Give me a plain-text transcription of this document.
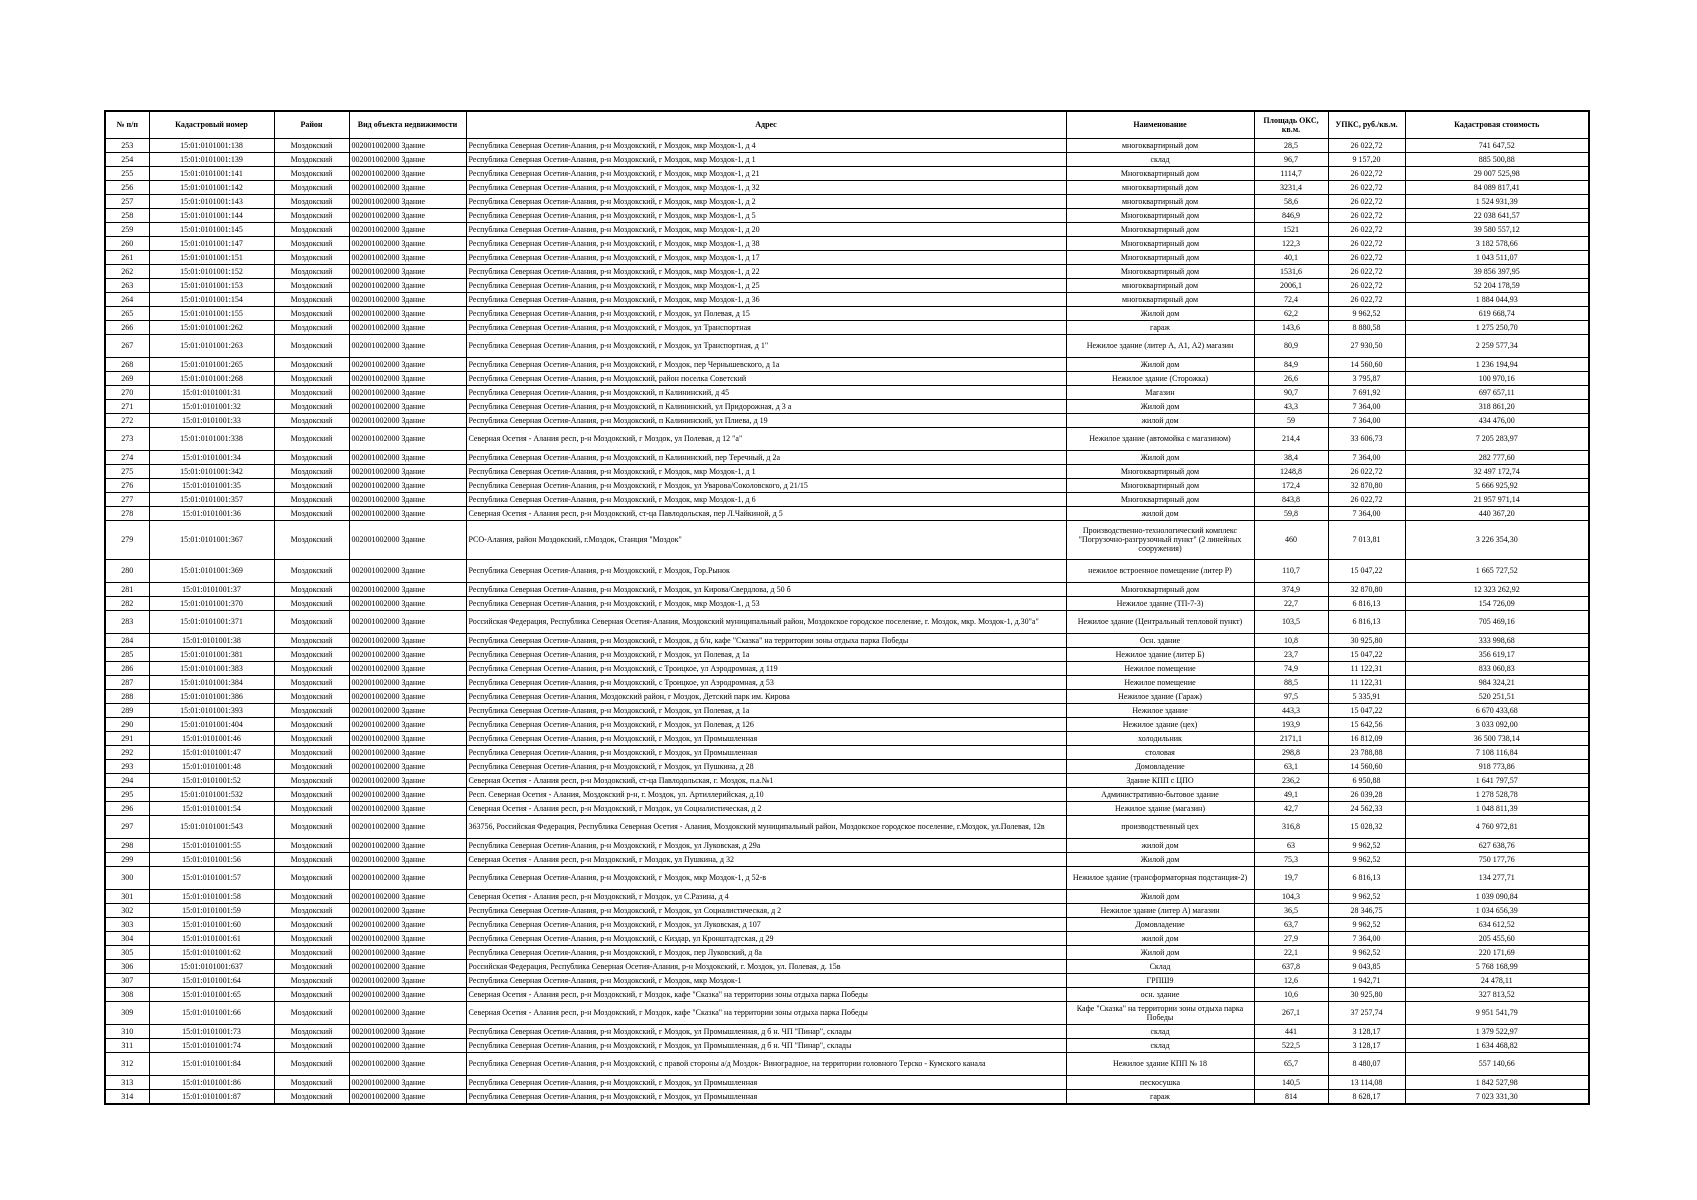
№ п/п	Кадастровый номер	Район	Вид объекта недвижимости	Адрес	Наименование	Площадь ОКС, кв.м.	УПКС, руб./кв.м.	Кадастровая стоимость
253	15:01:0101001:138	Моздокский	002001002000 Здание	Республика Северная Осетия-Алания, р-н Моздокский, г Моздок, мкр Моздок-1, д 4	многоквартирный дом	28,5	26 022,72	741 647,52
254	15:01:0101001:139	Моздокский	002001002000 Здание	Республика Северная Осетия-Алания, р-н Моздокский, г Моздок, мкр Моздок-1, д 1	склад	96,7	9 157,20	885 500,88
255	15:01:0101001:141	Моздокский	002001002000 Здание	Республика Северная Осетия-Алания, р-н Моздокский, г Моздок, мкр Моздок-1, д 21	Многоквартирный дом	1114,7	26 022,72	29 007 525,98
256	15:01:0101001:142	Моздокский	002001002000 Здание	Республика Северная Осетия-Алания, р-н Моздокский, г Моздок, мкр Моздок-1, д 32	многоквартирный дом	3231,4	26 022,72	84 089 817,41
257	15:01:0101001:143	Моздокский	002001002000 Здание	Республика Северная Осетия-Алания, р-н Моздокский, г Моздок, мкр Моздок-1, д 2	многоквартирный дом	58,6	26 022,72	1 524 931,39
258	15:01:0101001:144	Моздокский	002001002000 Здание	Республика Северная Осетия-Алания, р-н Моздокский, г Моздок, мкр Моздок-1, д 5	Многоквартирный дом	846,9	26 022,72	22 038 641,57
259	15:01:0101001:145	Моздокский	002001002000 Здание	Республика Северная Осетия-Алания, р-н Моздокский, г Моздок, мкр Моздок-1, д 20	Многоквартирный дом	1521	26 022,72	39 580 557,12
260	15:01:0101001:147	Моздокский	002001002000 Здание	Республика Северная Осетия-Алания, р-н Моздокский, г Моздок, мкр Моздок-1, д 38	Многоквартирный дом	122,3	26 022,72	3 182 578,66
261	15:01:0101001:151	Моздокский	002001002000 Здание	Республика Северная Осетия-Алания, р-н Моздокский, г Моздок, мкр Моздок-1, д 17	Многоквартирный дом	40,1	26 022,72	1 043 511,07
262	15:01:0101001:152	Моздокский	002001002000 Здание	Республика Северная Осетия-Алания, р-н Моздокский, г Моздок, мкр Моздок-1, д 22	Многоквартирный дом	1531,6	26 022,72	39 856 397,95
263	15:01:0101001:153	Моздокский	002001002000 Здание	Республика Северная Осетия-Алания, р-н Моздокский, г Моздок, мкр Моздок-1, д 25	многоквартирный дом	2006,1	26 022,72	52 204 178,59
264	15:01:0101001:154	Моздокский	002001002000 Здание	Республика Северная Осетия-Алания, р-н Моздокский, г Моздок, мкр Моздок-1, д 36	многоквартирный дом	72,4	26 022,72	1 884 044,93
265	15:01:0101001:155	Моздокский	002001002000 Здание	Республика Северная Осетия-Алания, р-н Моздокский, г Моздок, ул Полевая, д 15	Жилой дом	62,2	9 962,52	619 668,74
266	15:01:0101001:262	Моздокский	002001002000 Здание	Республика Северная Осетия-Алания, р-н Моздокский, г Моздок, ул Транспортная	гараж	143,6	8 880,58	1 275 250,70
267	15:01:0101001:263	Моздокский	002001002000 Здание	Республика Северная Осетия-Алания, р-н Моздокский, г Моздок, ул Транспортная, д 1"	Нежилое здание (литер А, А1, А2) магазин	80,9	27 930,50	2 259 577,34
268	15:01:0101001:265	Моздокский	002001002000 Здание	Республика Северная Осетия-Алания, р-н Моздокский, г Моздок, пер Чернышевского, д 1а	Жилой дом	84,9	14 560,60	1 236 194,94
269	15:01:0101001:268	Моздокский	002001002000 Здание	Республика Северная Осетия-Алания, р-н Моздокский, район поселка Советский	Нежилое здание (Сторожка)	26,6	3 795,87	100 970,16
270	15:01:0101001:31	Моздокский	002001002000 Здание	Республика Северная Осетия-Алания, р-н Моздокский, п Калининский, д 45	Магазин	90,7	7 691,92	697 657,11
271	15:01:0101001:32	Моздокский	002001002000 Здание	Республика Северная Осетия-Алания, р-н Моздокский, п Калининский, ул Придорожная, д 3 а	Жилой дом	43,3	7 364,00	318 861,20
272	15:01:0101001:33	Моздокский	002001002000 Здание	Республика Северная Осетия-Алания, р-н Моздокский, п Калининский, ул Плиева, д 19	жилой дом	59	7 364,00	434 476,00
273	15:01:0101001:338	Моздокский	002001002000 Здание	Северная Осетия - Алания респ, р-н Моздокский, г Моздок, ул Полевая, д 12 "а"	Нежилое здание (автомойка с магазином)	214,4	33 606,73	7 205 283,97
274	15:01:0101001:34	Моздокский	002001002000 Здание	Республика Северная Осетия-Алания, р-н Моздокский, п Калининский, пер Теречный, д 2а	Жилой дом	38,4	7 364,00	282 777,60
275	15:01:0101001:342	Моздокский	002001002000 Здание	Республика Северная Осетия-Алания, р-н Моздокский, г Моздок, мкр Моздок-1, д 1	Многоквартирный дом	1248,8	26 022,72	32 497 172,74
276	15:01:0101001:35	Моздокский	002001002000 Здание	Республика Северная Осетия-Алания, р-н Моздокский, г Моздок, ул Уварова/Соколовского, д 21/15	Многоквартирный дом	172,4	32 870,80	5 666 925,92
277	15:01:0101001:357	Моздокский	002001002000 Здание	Республика Северная Осетия-Алания, р-н Моздокский, г Моздок, мкр Моздок-1, д 6	Многоквартирный дом	843,8	26 022,72	21 957 971,14
278	15:01:0101001:36	Моздокский	002001002000 Здание	Северная Осетия - Алания респ, р-н Моздокский, ст-ца Павлодольская, пер Л.Чайкиной, д 5	жилой дом	59,8	7 364,00	440 367,20
279	15:01:0101001:367	Моздокский	002001002000 Здание	РСО-Алания, район Моздокский, г.Моздок, Станция "Моздок"	Производственно-технологический комплекс "Погрузочно-разгрузочный пункт" (2 линейных сооружения)	460	7 013,81	3 226 354,30
280	15:01:0101001:369	Моздокский	002001002000 Здание	Республика Северная Осетия-Алания, р-н Моздокский, г Моздок, Гор.Рынок	нежилое встроенное помещение (литер Р)	110,7	15 047,22	1 665 727,52
281	15:01:0101001:37	Моздокский	002001002000 Здание	Республика Северная Осетия-Алания, р-н Моздокский, г Моздок, ул Кирова/Свердлова, д 50 б	Многоквартирный дом	374,9	32 870,80	12 323 262,92
282	15:01:0101001:370	Моздокский	002001002000 Здание	Республика Северная Осетия-Алания, р-н Моздокский, г Моздок, мкр Моздок-1, д 53	Нежилое здание (ТП-7-3)	22,7	6 816,13	154 726,09
283	15:01:0101001:371	Моздокский	002001002000 Здание	Российская Федерация, Республика Северная Осетия-Алания, Моздокский муниципальный район, Моздокское городское поселение, г. Моздок, мкр. Моздок-1, д.30"а"	Нежилое здание (Центральный тепловой пункт)	103,5	6 816,13	705 469,16
284	15:01:0101001:38	Моздокский	002001002000 Здание	Республика Северная Осетия-Алания, р-н Моздокский, г Моздок, д б/н, кафе "Сказка" на территории зоны отдыха парка Победы	Осн. здание	10,8	30 925,80	333 998,68
285	15:01:0101001:381	Моздокский	002001002000 Здание	Республика Северная Осетия-Алания, р-н Моздокский, г Моздок, ул Полевая, д 1а	Нежилое здание (литер Б)	23,7	15 047,22	356 619,17
286	15:01:0101001:383	Моздокский	002001002000 Здание	Республика Северная Осетия-Алания, р-н Моздокский, с Троицкое, ул Аэродромная, д 119	Нежилое помещение	74,9	11 122,31	833 060,83
287	15:01:0101001:384	Моздокский	002001002000 Здание	Республика Северная Осетия-Алания, р-н Моздокский, с Троицкое, ул Аэродромная, д 53	Нежилое помещение	88,5	11 122,31	984 324,21
288	15:01:0101001:386	Моздокский	002001002000 Здание	Республика Северная Осетия-Алания, Моздокский район, г Моздок, Детский парк им. Кирова	Нежилое здание (Гараж)	97,5	5 335,91	520 251,51
289	15:01:0101001:393	Моздокский	002001002000 Здание	Республика Северная Осетия-Алания, р-н Моздокский, г Моздок, ул Полевая, д 1а	Нежилое здание	443,3	15 047,22	6 670 433,68
290	15:01:0101001:404	Моздокский	002001002000 Здание	Республика Северная Осетия-Алания, р-н Моздокский, г Моздок, ул Полевая, д 126	Нежилое здание (цех)	193,9	15 642,56	3 033 092,00
291	15:01:0101001:46	Моздокский	002001002000 Здание	Республика Северная Осетия-Алания, р-н Моздокский, г Моздок, ул Промышленная	холодильник	2171,1	16 812,09	36 500 738,14
292	15:01:0101001:47	Моздокский	002001002000 Здание	Республика Северная Осетия-Алания, р-н Моздокский, г Моздок, ул Промышленная	столовая	298,8	23 788,88	7 108 116,84
293	15:01:0101001:48	Моздокский	002001002000 Здание	Республика Северная Осетия-Алания, р-н Моздокский, г Моздок, ул Пушкина, д 28	Домовладение	63,1	14 560,60	918 773,86
294	15:01:0101001:52	Моздокский	002001002000 Здание	Северная Осетия - Алания респ, р-н Моздокский, ст-ца Павлодольская, г. Моздок, п.а.№1	Здание КПП с ЦПО	236,2	6 950,88	1 641 797,57
295	15:01:0101001:532	Моздокский	002001002000 Здание	Респ. Северная Осетия - Алания, Моздокский р-н, г. Моздок, ул. Артиллерийская, д.10	Административно-бытовое здание	49,1	26 039,28	1 278 528,78
296	15:01:0101001:54	Моздокский	002001002000 Здание	Северная Осетия - Алания респ, р-н Моздокский, г Моздок, ул Социалистическая, д 2	Нежилое здание (магазин)	42,7	24 562,33	1 048 811,39
297	15:01:0101001:543	Моздокский	002001002000 Здание	363756, Российская Федерация, Республика Северная Осетия - Алания, Моздокский муниципальный район, Моздокское городское поселение, г.Моздок, ул.Полевая, 12в	производственный цех	316,8	15 028,32	4 760 972,81
298	15:01:0101001:55	Моздокский	002001002000 Здание	Республика Северная Осетия-Алания, р-н Моздокский, г Моздок, ул Луковская, д 29а	жилой дом	63	9 962,52	627 638,76
299	15:01:0101001:56	Моздокский	002001002000 Здание	Северная Осетия - Алания респ, р-н Моздокский, г Моздок, ул Пушкина, д 32	Жилой дом	75,3	9 962,52	750 177,76
300	15:01:0101001:57	Моздокский	002001002000 Здание	Республика Северная Осетия-Алания, р-н Моздокский, г Моздок, мкр Моздок-1, д 52-в	Нежилое здание (трансформаторная подстанция-2)	19,7	6 816,13	134 277,71
301	15:01:0101001:58	Моздокский	002001002000 Здание	Северная Осетия - Алания респ, р-н Моздокский, г Моздок, ул С.Разина, д 4	Жилой дом	104,3	9 962,52	1 039 090,84
302	15:01:0101001:59	Моздокский	002001002000 Здание	Республика Северная Осетия-Алания, р-н Моздокский, г Моздок, ул Социалистическая, д 2	Нежилое здание (литер А) магазин	36,5	28 346,75	1 034 656,39
303	15:01:0101001:60	Моздокский	002001002000 Здание	Республика Северная Осетия-Алания, р-н Моздокский, г Моздок, ул Луковская, д 107	Домовладение	63,7	9 962,52	634 612,52
304	15:01:0101001:61	Моздокский	002001002000 Здание	Республика Северная Осетия-Алания, р-н Моздокский, с Киздар, ул Кронштадтская, д 29	жилой дом	27,9	7 364,00	205 455,60
305	15:01:0101001:62	Моздокский	002001002000 Здание	Республика Северная Осетия-Алания, р-н Моздокский, г Моздок, пер Луковский, д 8а	Жилой дом	22,1	9 962,52	220 171,69
306	15:01:0101001:637	Моздокский	002001002000 Здание	Российская Федерация, Республика Северная Осетия-Алания, р-н Моздокский, г. Моздок, ул. Полевая, д. 15в	Склад	637,8	9 043,85	5 768 168,99
307	15:01:0101001:64	Моздокский	002001002000 Здание	Республика Северная Осетия-Алания, р-н Моздокский, г Моздок, мкр Моздок-1	ГРПШ9	12,6	1 942,71	24 478,11
308	15:01:0101001:65	Моздокский	002001002000 Здание	Северная Осетия - Алания респ, р-н Моздокский, г Моздок, кафе "Сказка" на территории зоны отдыха парка Победы	осн. здание	10,6	30 925,80	327 813,52
309	15:01:0101001:66	Моздокский	002001002000 Здание	Северная Осетия - Алания респ, р-н Моздокский, г Моздок, кафе "Сказка" на территории зоны отдыха парка Победы	Кафе "Сказка" на территории зоны отдыха парка Победы	267,1	37 257,74	9 951 541,79
310	15:01:0101001:73	Моздокский	002001002000 Здание	Республика Северная Осетия-Алания, р-н Моздокский, г Моздок, ул Промышленная, д б н. ЧП "Пинар", склады	склад	441	3 128,17	1 379 522,97
311	15:01:0101001:74	Моздокский	002001002000 Здание	Республика Северная Осетия-Алания, р-н Моздокский, г Моздок, ул Промышленная, д б н. ЧП "Пинар", склады	склад	522,5	3 128,17	1 634 468,82
312	15:01:0101001:84	Моздокский	002001002000 Здание	Республика Северная Осетия-Алания, р-н Моздокский, с правой стороны а/д Моздок- Виноградное, на территории головного Терско - Кумского канала	Нежилое здание КПП № 18	65,7	8 480,07	557 140,66
313	15:01:0101001:86	Моздокский	002001002000 Здание	Республика Северная Осетия-Алания, р-н Моздокский, г Моздок, ул Промышленная	пескосушка	140,5	13 114,08	1 842 527,98
314	15:01:0101001:87	Моздокский	002001002000 Здание	Республика Северная Осетия-Алания, р-н Моздокский, г Моздок, ул Промышленная	гараж	814	8 628,17	7 023 331,30
